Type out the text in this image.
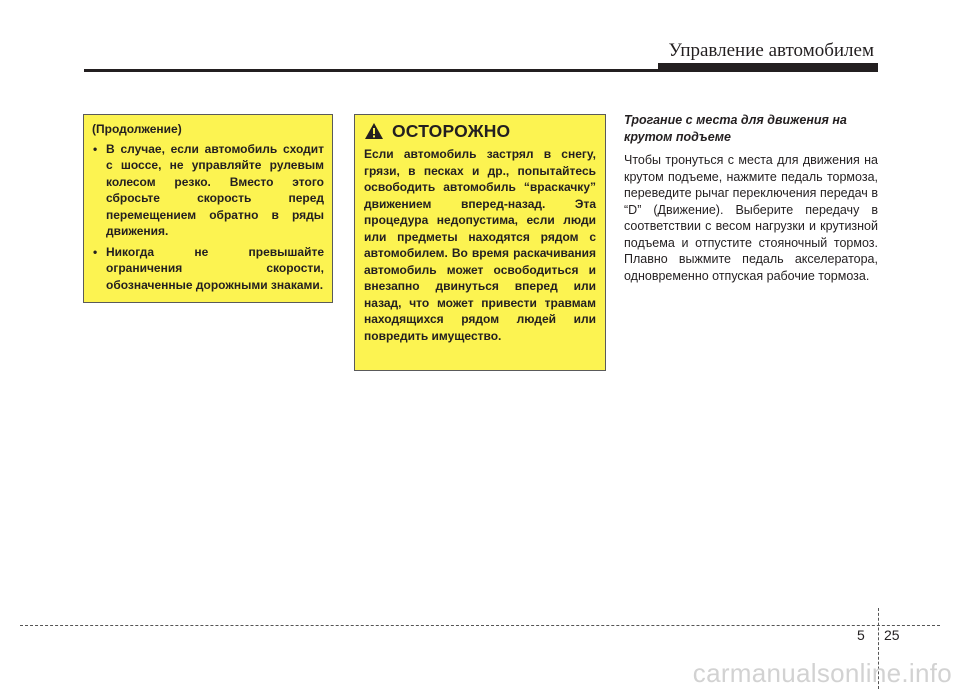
Управление автомобилем
(Продолжение)
• В случае, если автомобиль сходит с шоссе, не управляйте рулевым колесом резко. Вместо этого сбросьте скорость перед перемещением обратно в ряды движения.
• Никогда не превышайте ограничения скорости, обозначенные дорожными знаками.
ОСТОРОЖНО
Если автомобиль застрял в снегу, грязи, в песках и др., попытайтесь освободить автомобиль “враскачку” движением вперед-назад. Эта процедура недопустима, если люди или предметы находятся рядом с автомобилем. Во время раскачивания автомобиль может освободиться и внезапно двинуться вперед или назад, что может привести травмам находящихся рядом людей или повредить имущество.
Трогание с места для движения на крутом подъеме
Чтобы тронуться с места для движения на крутом подъеме, нажмите педаль тормоза, переведите рычаг переключения передач в “D” (Движение). Выберите передачу в соответствии с весом нагрузки и крутизной подъема и отпустите стояночный тормоз. Плавно выжмите педаль акселератора, одновременно отпуская рабочие тормоза.
5 25
carmanualsonline.info
